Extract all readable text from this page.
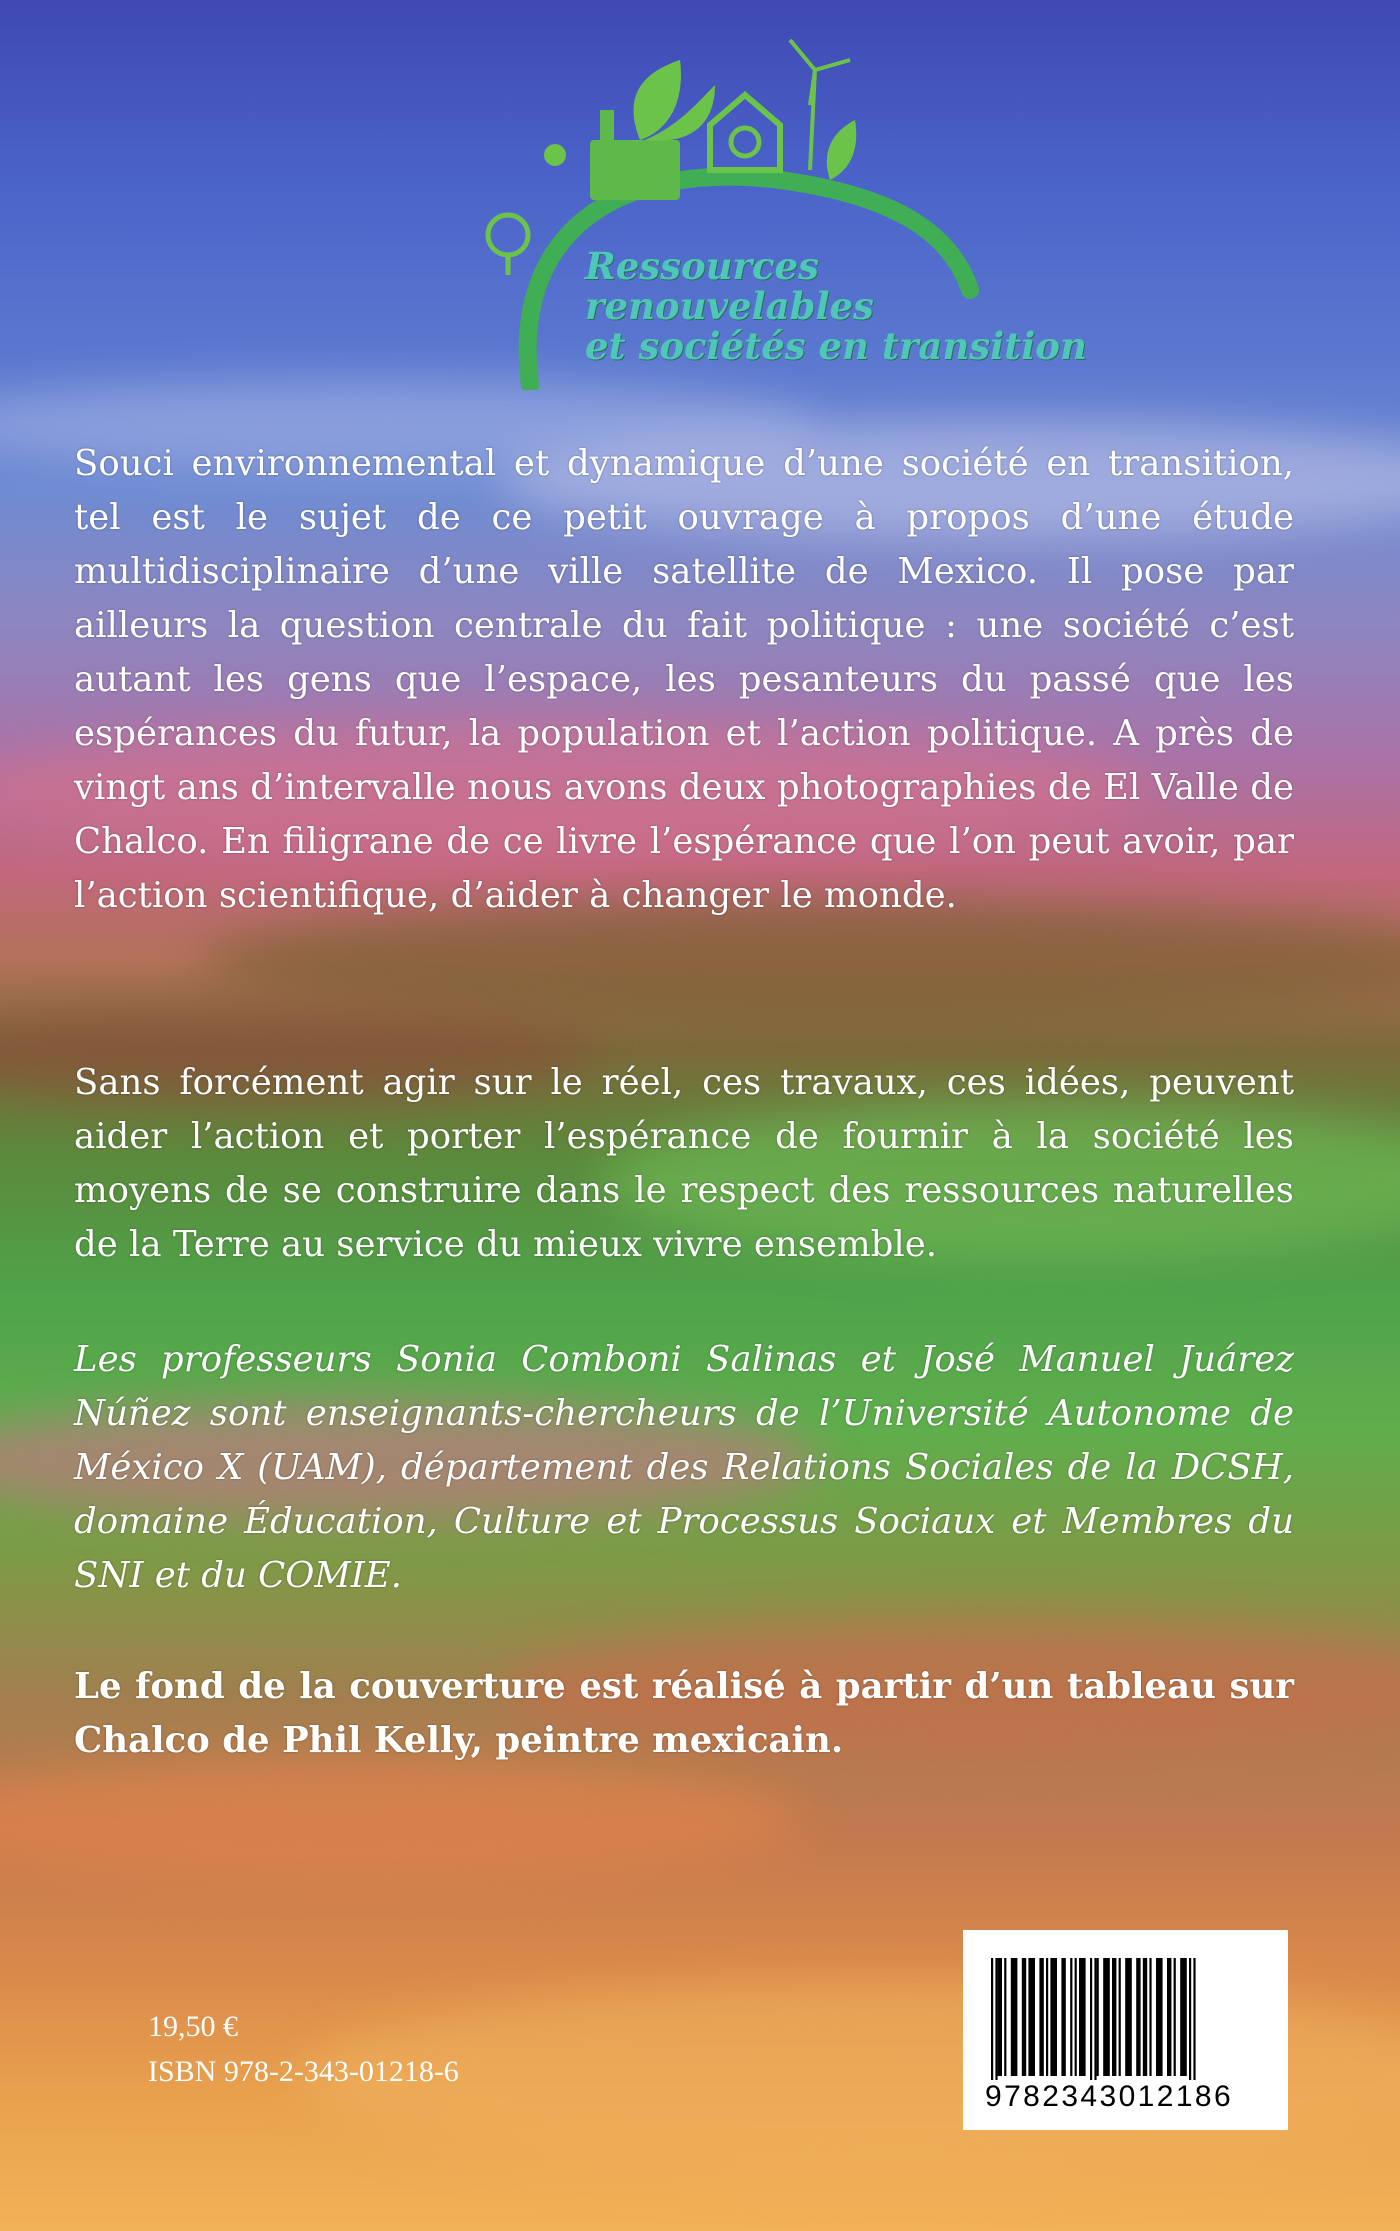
Ressources
renouvelables
et sociétés en transition

Souci environnemental et dynamique d’une société en transition, tel est le sujet de ce petit ouvrage à propos d’une étude multidisciplinaire d’une ville satellite de Mexico. Il pose par ailleurs la question centrale du fait politique : une société c’est autant les gens que l’espace, les pesanteurs du passé que les espérances du futur, la population et l’action politique. A près de vingt ans d’intervalle nous avons deux photographies de El Valle de Chalco. En filigrane de ce livre l’espérance que l’on peut avoir, par l’action scientifique, d’aider à changer le monde.

Sans forcément agir sur le réel, ces travaux, ces idées, peuvent aider l’action et porter l’espérance de fournir à la société les moyens de se construire dans le respect des ressources naturelles de la Terre au service du mieux vivre ensemble.

Les professeurs Sonia Comboni Salinas et José Manuel Juárez Núñez sont enseignants-chercheurs de l’Université Autonome de México X (UAM), département des Relations Sociales de la DCSH, domaine Éducation, Culture et Processus Sociaux et Membres du SNI et du COMIE.

Le fond de la couverture est réalisé à partir d’un tableau sur Chalco de Phil Kelly, peintre mexicain.

19,50 €
ISBN 978-2-343-01218-6
9782343012186
